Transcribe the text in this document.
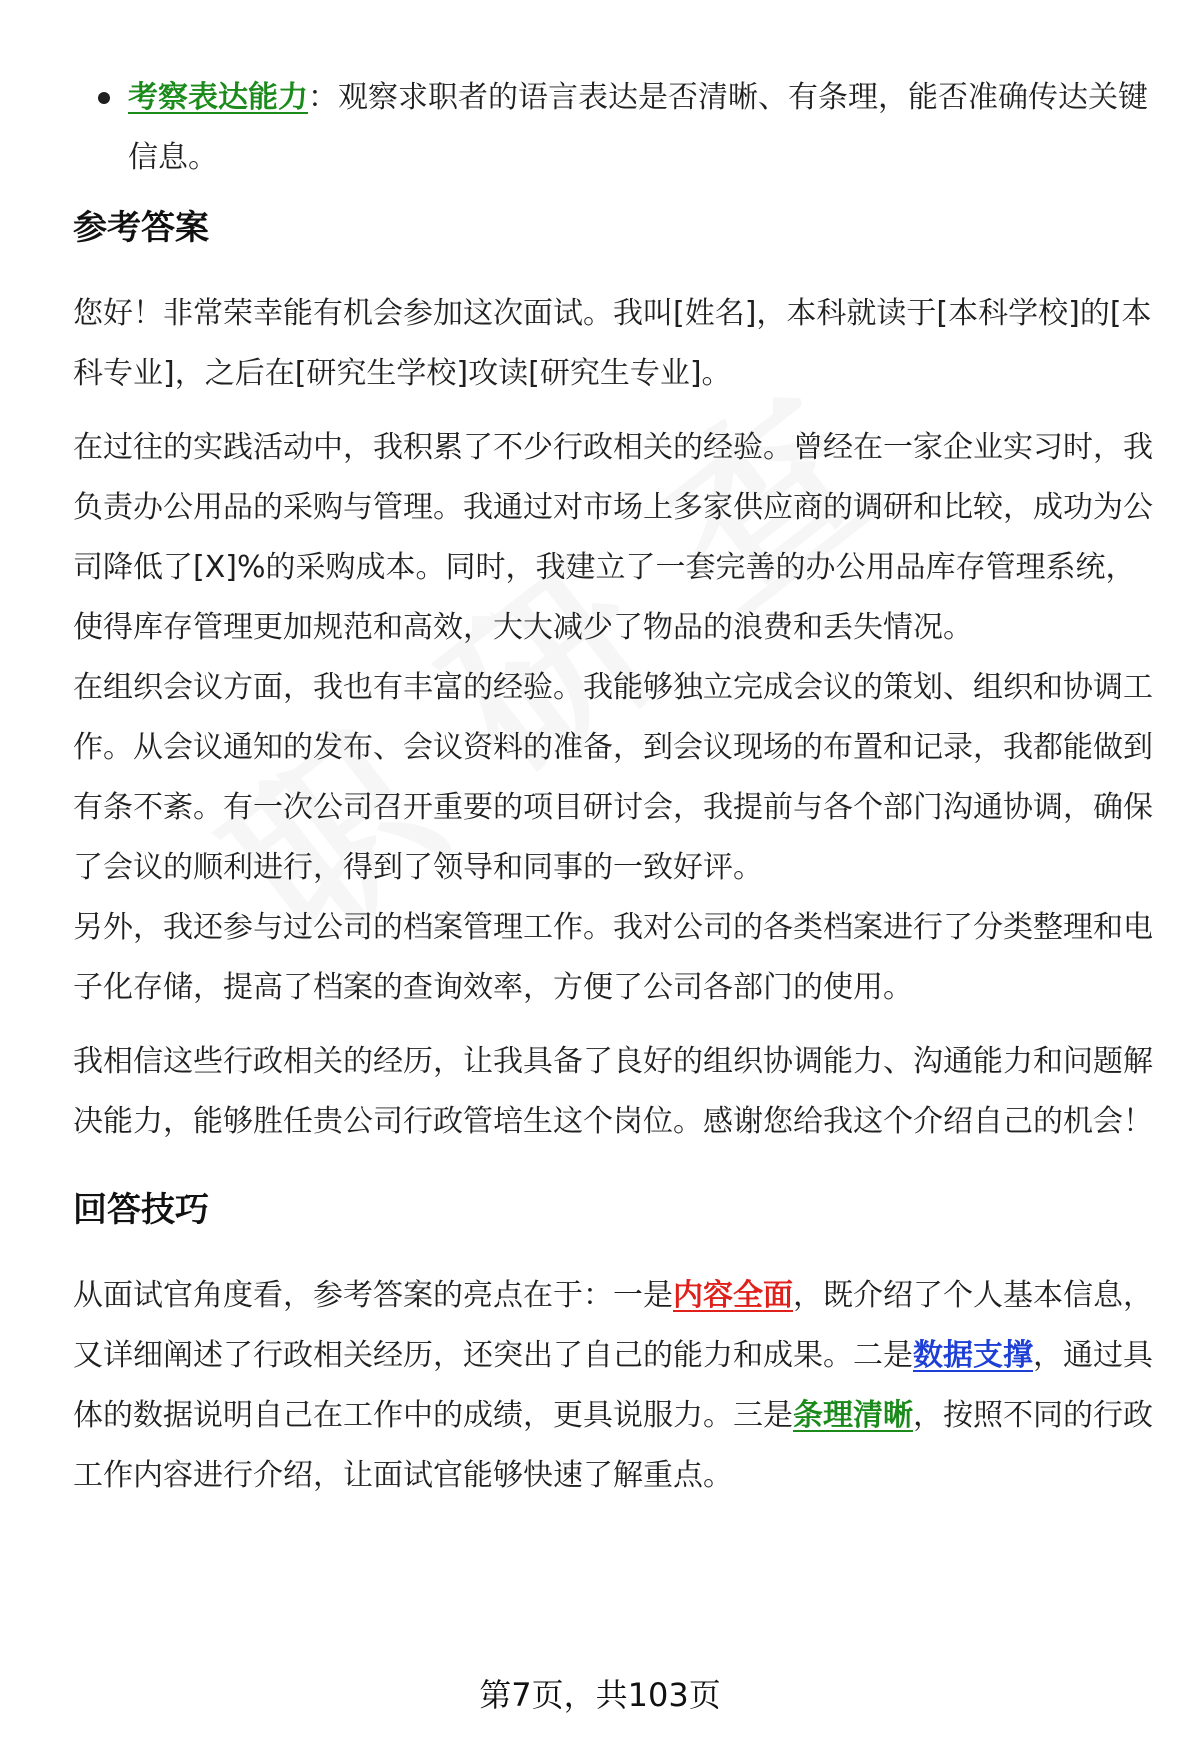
考察表达能力：观察求职者的语言表达是否清晰、有条理，能否准确传达关键信息。
参考答案
您好！非常荣幸能有机会参加这次面试。我叫[姓名]，本科就读于[本科学校]的[本科专业]，之后在[研究生学校]攻读[研究生专业]。
在过往的实践活动中，我积累了不少行政相关的经验。曾经在一家企业实习时，我负责办公用品的采购与管理。我通过对市场上多家供应商的调研和比较，成功为公司降低了[X]%的采购成本。同时，我建立了一套完善的办公用品库存管理系统，使得库存管理更加规范和高效，大大减少了物品的浪费和丢失情况。
在组织会议方面，我也有丰富的经验。我能够独立完成会议的策划、组织和协调工作。从会议通知的发布、会议资料的准备，到会议现场的布置和记录，我都能做到有条不紊。有一次公司召开重要的项目研讨会，我提前与各个部门沟通协调，确保了会议的顺利进行，得到了领导和同事的一致好评。
另外，我还参与过公司的档案管理工作。我对公司的各类档案进行了分类整理和电子化存储，提高了档案的查询效率，方便了公司各部门的使用。
我相信这些行政相关的经历，让我具备了良好的组织协调能力、沟通能力和问题解决能力，能够胜任贵公司行政管培生这个岗位。感谢您给我这个介绍自己的机会！
回答技巧
从面试官角度看，参考答案的亮点在于：一是内容全面，既介绍了个人基本信息，又详细阐述了行政相关经历，还突出了自己的能力和成果。二是数据支撑，通过具体的数据说明自己在工作中的成绩，更具说服力。三是条理清晰，按照不同的行政工作内容进行介绍，让面试官能够快速了解重点。
第7页，共103页
